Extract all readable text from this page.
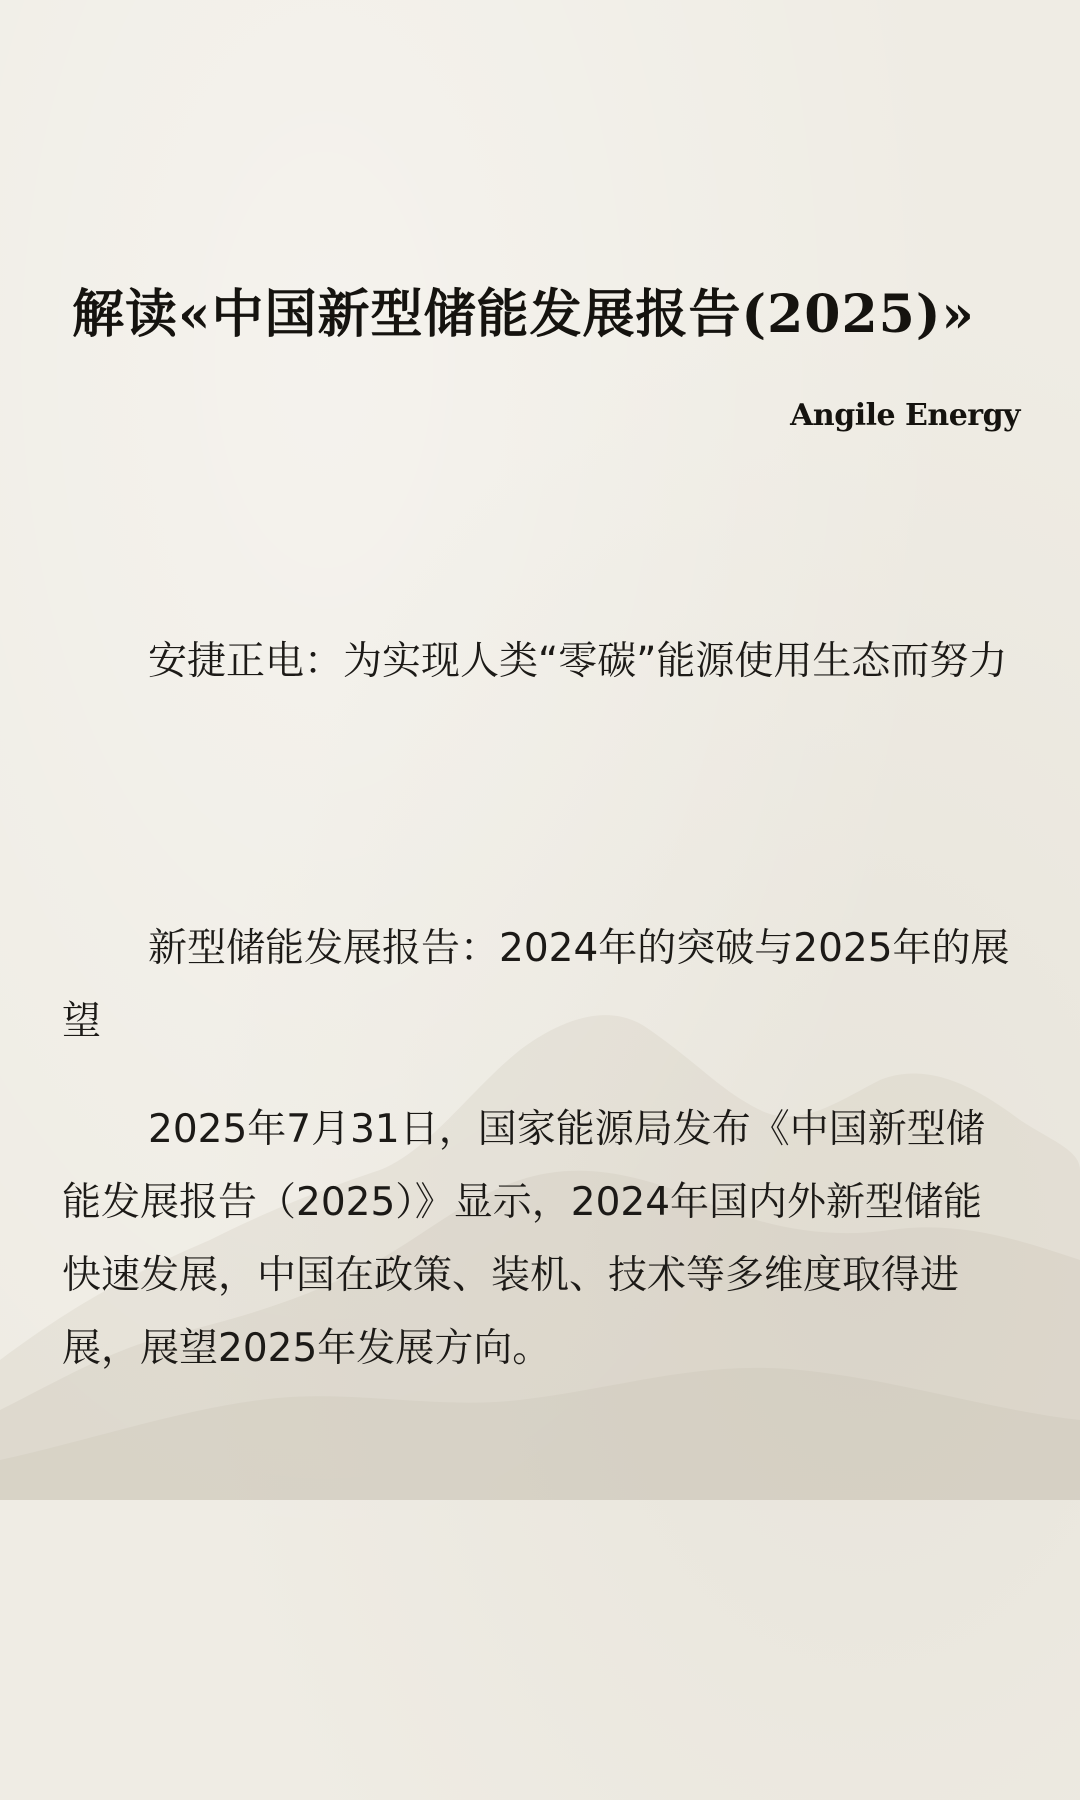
解读«中国新型储能发展报告(2025)»
Angile Energy
安捷正电：为实现人类“零碳”能源使用生态而努力
新型储能发展报告：2024年的突破与2025年的展望
2025年7月31日，国家能源局发布《中国新型储能发展报告（2025）》显示，2024年国内外新型储能快速发展，中国在政策、装机、技术等多维度取得进展，展望2025年发展方向。
